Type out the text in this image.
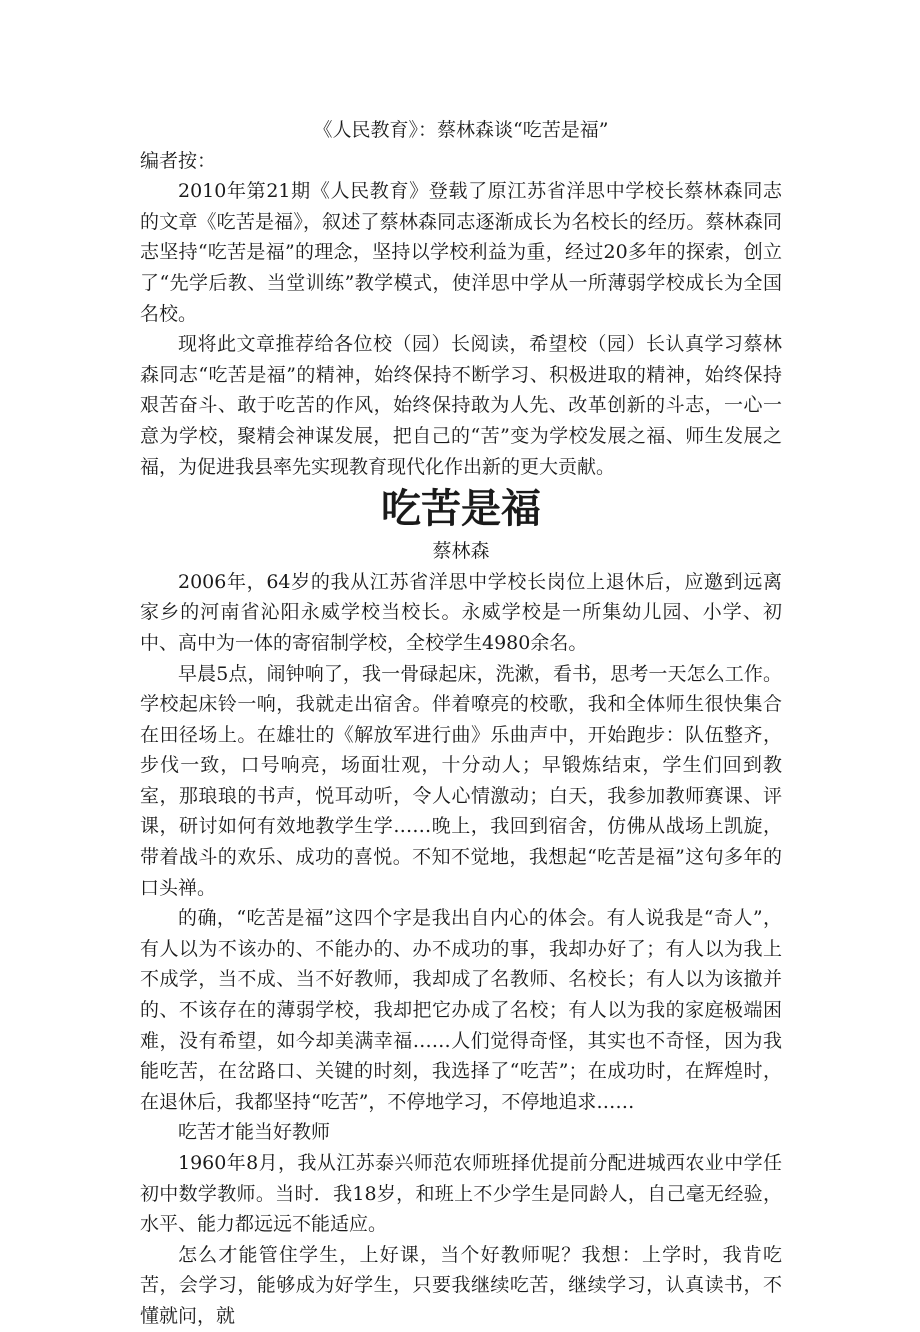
《人民教育》：蔡林森谈“吃苦是福”
编者按：

2010年第21期《人民教育》登载了原江苏省洋思中学校长蔡林森同志的文章《吃苦是福》，叙述了蔡林森同志逐渐成长为名校长的经历。蔡林森同志坚持“吃苦是福”的理念，坚持以学校利益为重，经过20多年的探索，创立了“先学后教、当堂训练”教学模式，使洋思中学从一所薄弱学校成长为全国名校。

现将此文章推荐给各位校（园）长阅读，希望校（园）长认真学习蔡林森同志“吃苦是福”的精神，始终保持不断学习、积极进取的精神，始终保持艰苦奋斗、敢于吃苦的作风，始终保持敢为人先、改革创新的斗志，一心一意为学校，聚精会神谋发展，把自己的“苦”变为学校发展之福、师生发展之福，为促进我县率先实现教育现代化作出新的更大贡献。

吃苦是福

蔡林森

2006年，64岁的我从江苏省洋思中学校长岗位上退休后，应邀到远离家乡的河南省沁阳永威学校当校长。永威学校是一所集幼儿园、小学、初中、高中为一体的寄宿制学校，全校学生4980余名。

早晨5点，闹钟响了，我一骨碌起床，洗漱，看书，思考一天怎么工作。学校起床铃一响，我就走出宿舍。伴着嘹亮的校歌，我和全体师生很快集合在田径场上。在雄壮的《解放军进行曲》乐曲声中，开始跑步：队伍整齐，步伐一致，口号响亮，场面壮观，十分动人；早锻炼结束，学生们回到教室，那琅琅的书声，悦耳动听，令人心情激动；白天，我参加教师赛课、评课，研讨如何有效地教学生学……晚上，我回到宿舍，仿佛从战场上凯旋，带着战斗的欢乐、成功的喜悦。不知不觉地，我想起“吃苦是福”这句多年的口头禅。

的确，“吃苦是福”这四个字是我出自内心的体会。有人说我是“奇人”，有人以为不该办的、不能办的、办不成功的事，我却办好了；有人以为我上不成学，当不成、当不好教师，我却成了名教师、名校长；有人以为该撤并的、不该存在的薄弱学校，我却把它办成了名校；有人以为我的家庭极端困难，没有希望，如今却美满幸福……人们觉得奇怪，其实也不奇怪，因为我能吃苦，在岔路口、关键的时刻，我选择了“吃苦”；在成功时，在辉煌时，在退休后，我都坚持“吃苦”，不停地学习，不停地追求……

吃苦才能当好教师

1960年8月，我从江苏泰兴师范农师班择优提前分配进城西农业中学任初中数学教师。当时．我18岁，和班上不少学生是同龄人，自己毫无经验，水平、能力都远远不能适应。

怎么才能管住学生，上好课，当个好教师呢？我想：上学时，我肯吃苦，会学习，能够成为好学生，只要我继续吃苦，继续学习，认真读书，不懂就问，就
